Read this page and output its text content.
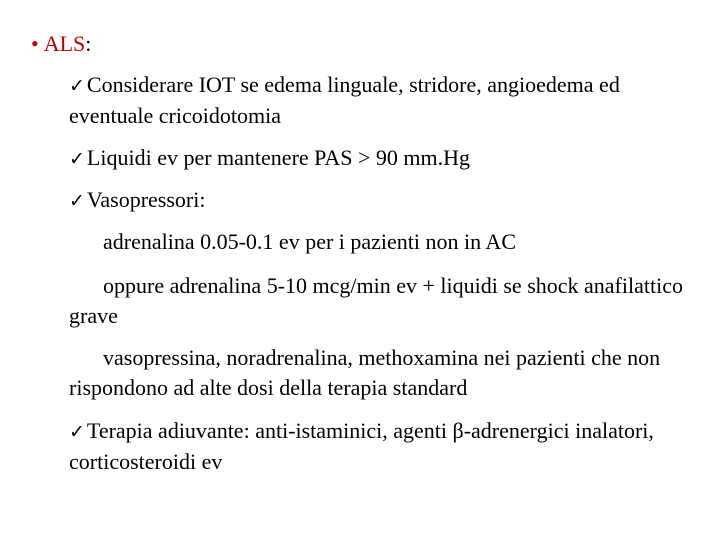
• ALS:
✓Considerare IOT se edema linguale, stridore, angioedema ed eventuale cricoidotomia
✓Liquidi ev per mantenere PAS > 90 mm.Hg
✓Vasopressori:
adrenalina 0.05-0.1 ev per i pazienti non in AC
oppure adrenalina 5-10 mcg/min ev + liquidi se shock anafilattico grave
vasopressina, noradrenalina, methoxamina nei pazienti che non rispondono ad alte dosi della terapia standard
✓Terapia adiuvante: anti-istaminici, agenti β-adrenergici inalatori, corticosteroidi ev
